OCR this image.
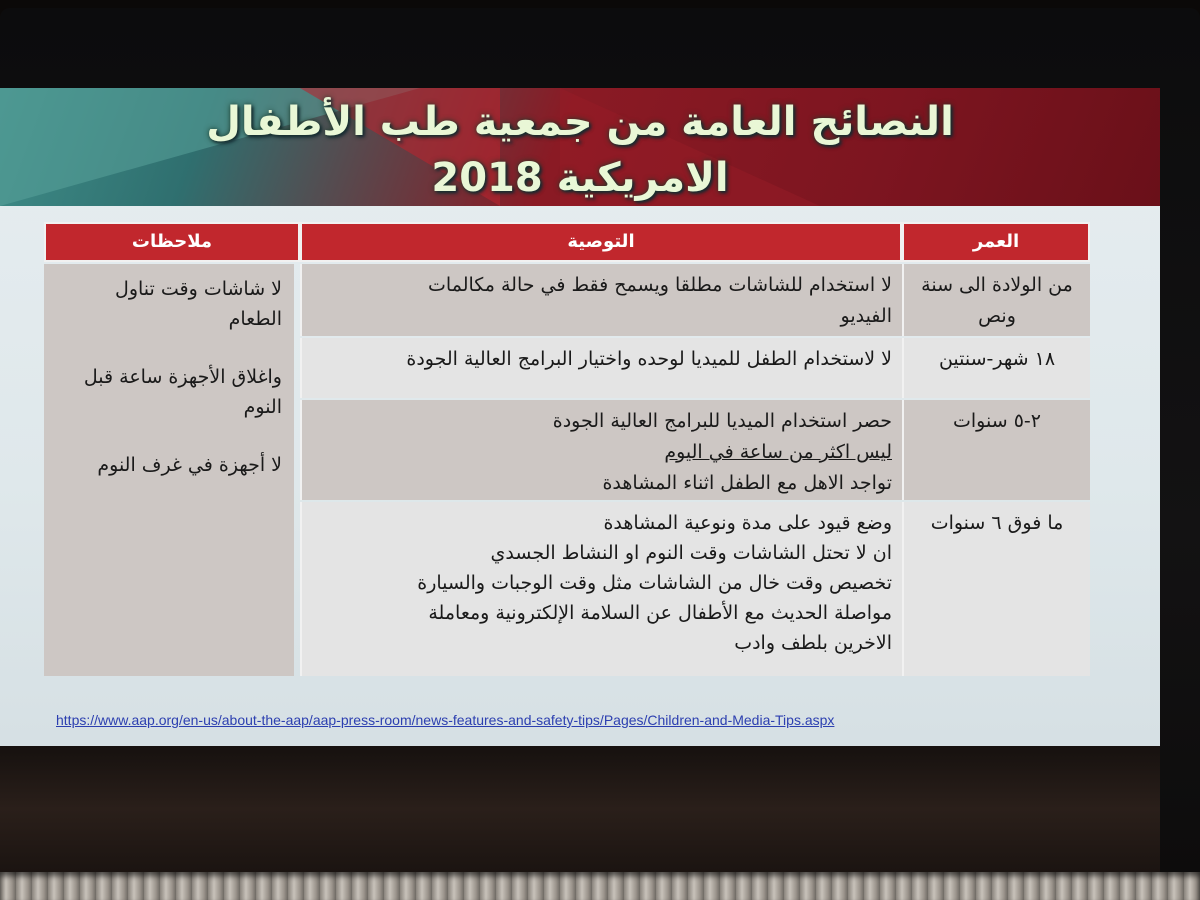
النصائح العامة من جمعية طب الأطفال
الامريكية 2018
العمر
التوصية
ملاحظات
من الولادة الى سنة ونص
لا استخدام للشاشات مطلقا ويسمح فقط في حالة مكالمات
الفيديو
١٨ شهر-سنتين
لا لاستخدام الطفل للميديا لوحده واختيار البرامج العالية الجودة
٢-٥ سنوات
حصر استخدام الميديا للبرامج العالية الجودة
ليس اكثر من ساعة في اليوم
تواجد الاهل مع الطفل اثناء المشاهدة
ما فوق ٦ سنوات
وضع قيود على مدة ونوعية المشاهدة
ان لا تحتل الشاشات وقت النوم او النشاط الجسدي
تخصيص وقت خال من الشاشات مثل وقت الوجبات والسيارة
مواصلة الحديث مع الأطفال عن السلامة الإلكترونية ومعاملة
الاخرين بلطف وادب

لا شاشات وقت تناول الطعام

واغلاق الأجهزة ساعة قبل النوم

لا أجهزة في غرف النوم

https://www.aap.org/en-us/about-the-aap/aap-press-room/news-features-and-safety-tips/Pages/Children-and-Media-Tips.aspx
